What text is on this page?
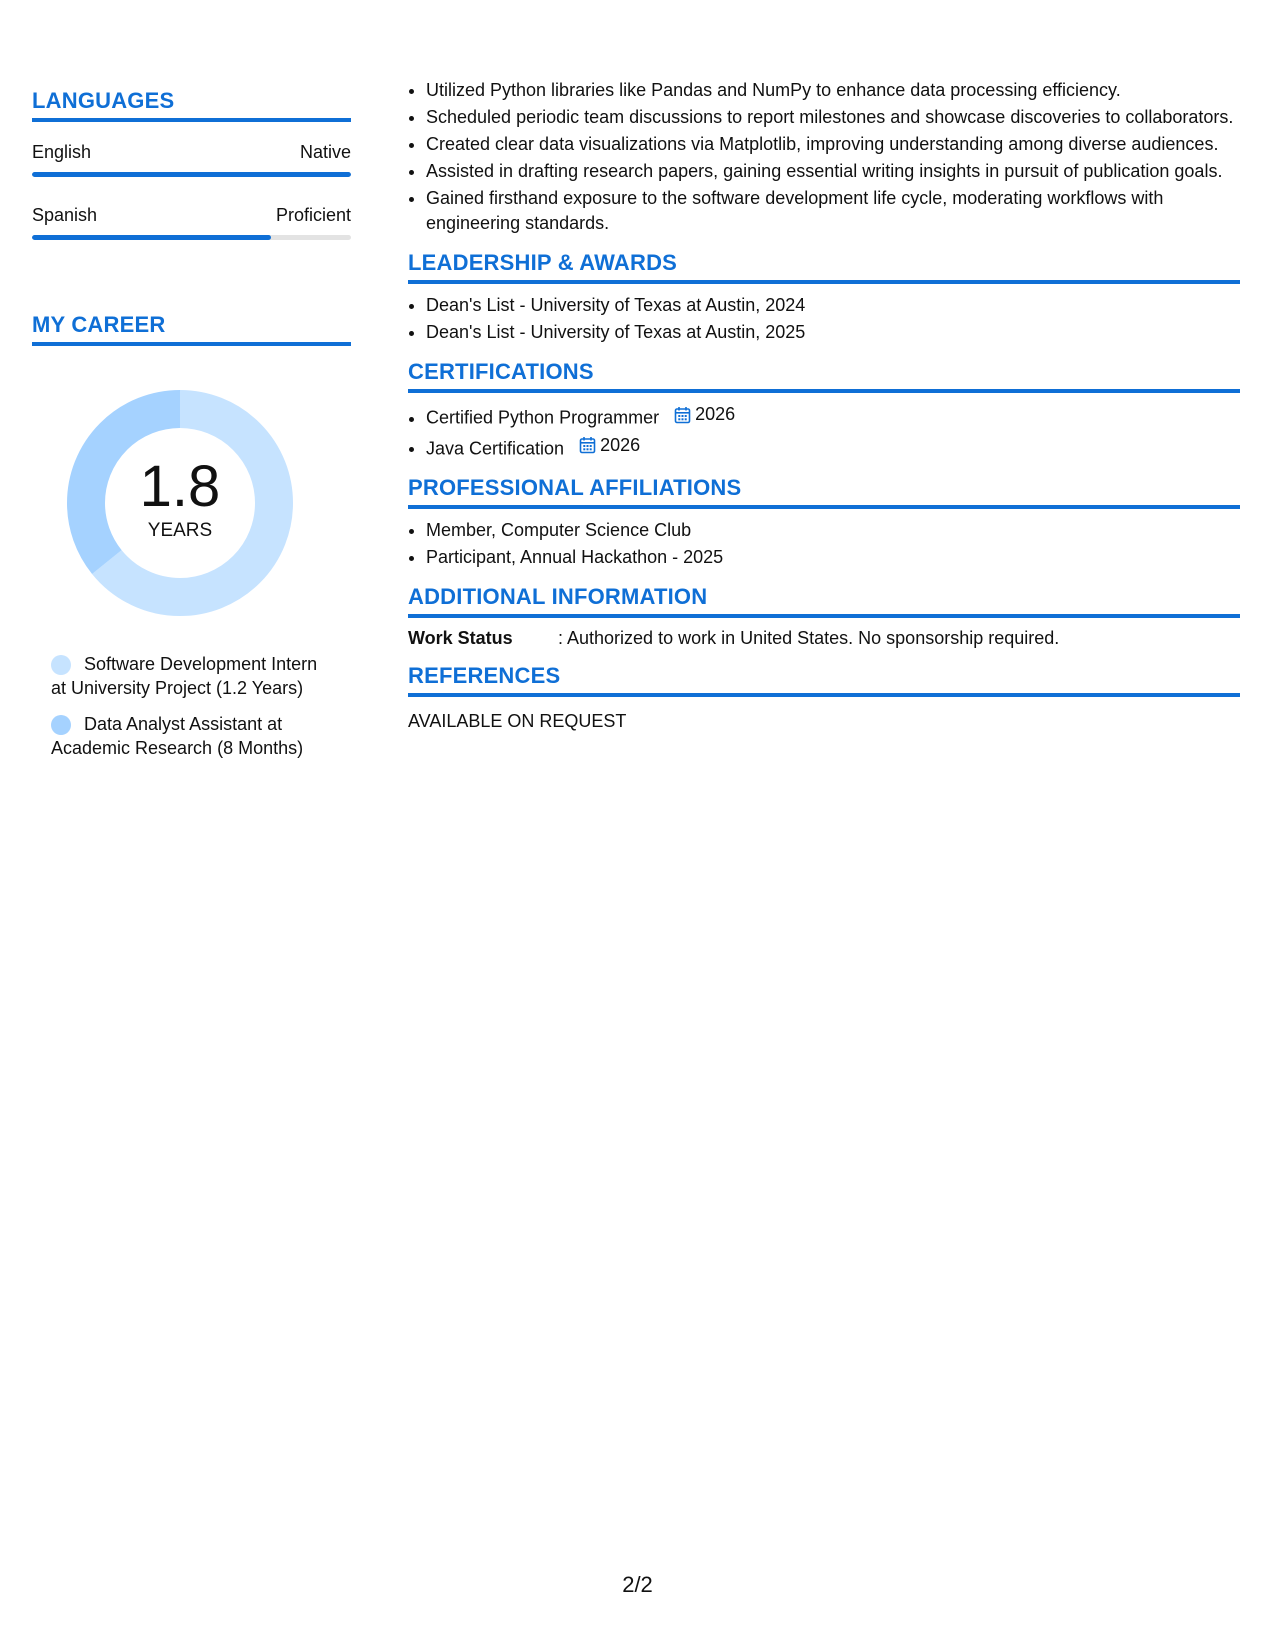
LANGUAGES
English	Native
Spanish	Proficient
MY CAREER
1.8
YEARS
Software Development Intern at University Project (1.2 Years)
Data Analyst Assistant at Academic Research (8 Months)
• Utilized Python libraries like Pandas and NumPy to enhance data processing efficiency.
• Scheduled periodic team discussions to report milestones and showcase discoveries to collaborators.
• Created clear data visualizations via Matplotlib, improving understanding among diverse audiences.
• Assisted in drafting research papers, gaining essential writing insights in pursuit of publication goals.
• Gained firsthand exposure to the software development life cycle, moderating workflows with engineering standards.
LEADERSHIP & AWARDS
• Dean's List - University of Texas at Austin, 2024
• Dean's List - University of Texas at Austin, 2025
CERTIFICATIONS
• Certified Python Programmer 2026
• Java Certification 2026
PROFESSIONAL AFFILIATIONS
• Member, Computer Science Club
• Participant, Annual Hackathon - 2025
ADDITIONAL INFORMATION
Work Status	: Authorized to work in United States. No sponsorship required.
REFERENCES
AVAILABLE ON REQUEST
2/2
